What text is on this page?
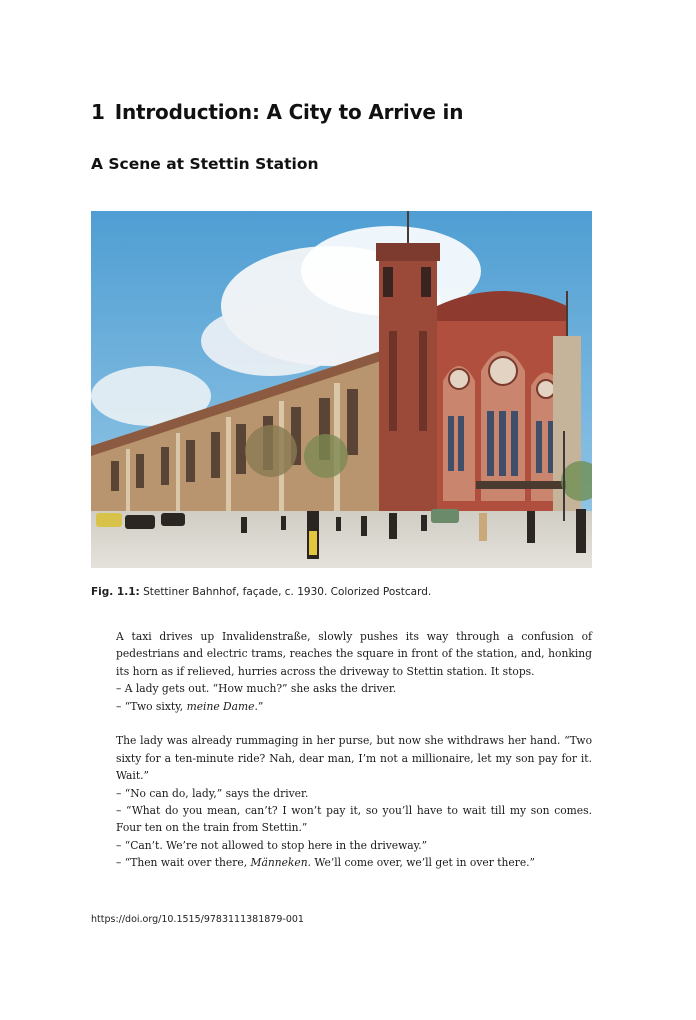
1 Introduction: A City to Arrive in
A Scene at Stettin Station
Fig. 1.1: Stettiner Bahnhof, façade, c. 1930. Colorized Postcard.

A taxi drives up Invalidenstraße, slowly pushes its way through a confusion of pedestrians and electric trams, reaches the square in front of the station, and, honking its horn as if relieved, hurries across the driveway to Stettin station. It stops.

– A lady gets out. “How much?” she asks the driver.

– “Two sixty, meine Dame.”

The lady was already rummaging in her purse, but now she withdraws her hand. “Two sixty for a ten-minute ride? Nah, dear man, I’m not a millionaire, let my son pay for it. Wait.”

– “No can do, lady,” says the driver.

– “What do you mean, can’t? I won’t pay it, so you’ll have to wait till my son comes. Four ten on the train from Stettin.”

– “Can’t. We’re not allowed to stop here in the driveway.”

– “Then wait over there, Männeken. We’ll come over, we’ll get in over there.”

https://doi.org/10.1515/9783111381879-001
